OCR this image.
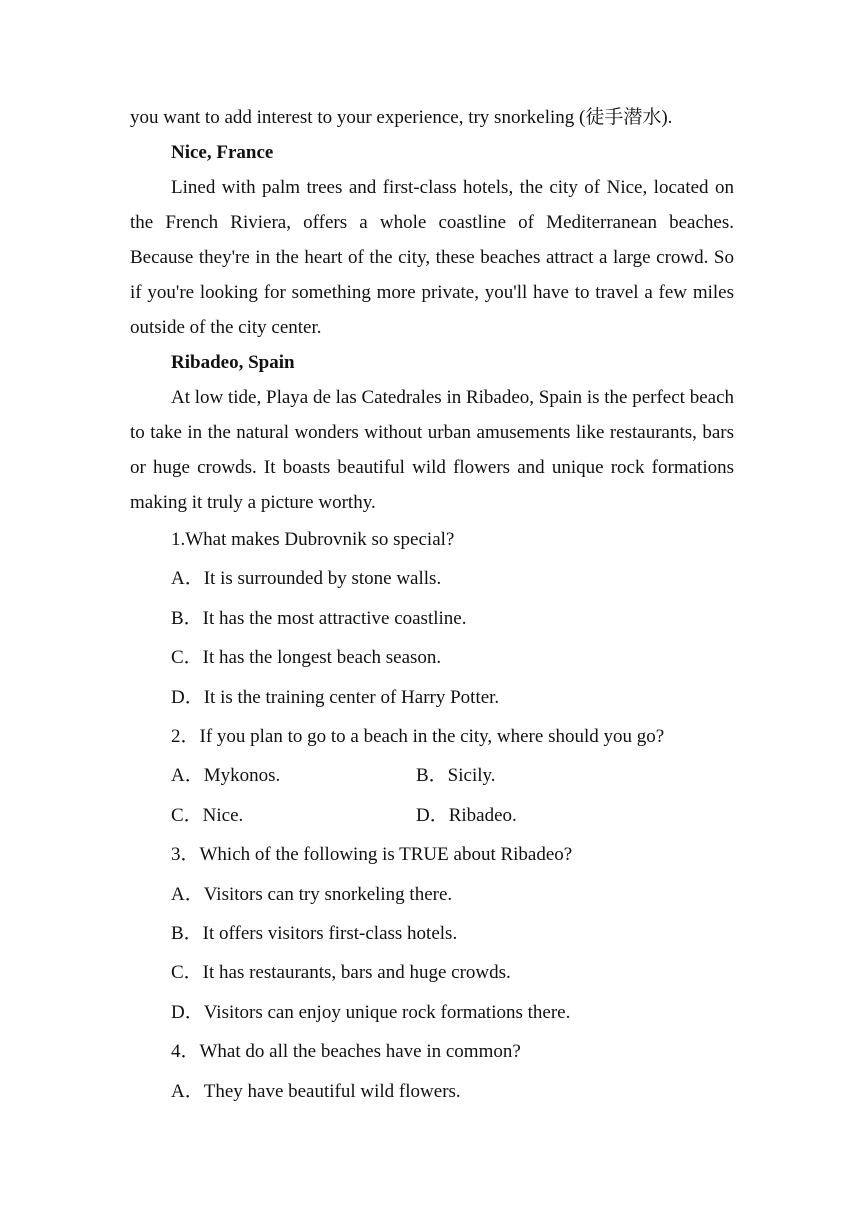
you want to add interest to your experience, try snorkeling (徒手潜水).
Nice, France

Lined with palm trees and first-class hotels, the city of Nice, located on the French Riviera, offers a whole coastline of Mediterranean beaches. Because they're in the heart of the city, these beaches attract a large crowd. So if you're looking for something more private, you'll have to travel a few miles outside of the city center.

Ribadeo, Spain

At low tide, Playa de las Catedrales in Ribadeo, Spain is the perfect beach to take in the natural wonders without urban amusements like restaurants, bars or huge crowds. It boasts beautiful wild flowers and unique rock formations making it truly a picture worthy.

1.What makes Dubrovnik so special?
A．It is surrounded by stone walls.
B．It has the most attractive coastline.
C．It has the longest beach season.
D．It is the training center of Harry Potter.
2．If you plan to go to a beach in the city, where should you go?
A．Mykonos.	B．Sicily.
C．Nice.	D．Ribadeo.
3．Which of the following is TRUE about Ribadeo?
A．Visitors can try snorkeling there.
B．It offers visitors first-class hotels.
C．It has restaurants, bars and huge crowds.
D．Visitors can enjoy unique rock formations there.
4．What do all the beaches have in common?
A．They have beautiful wild flowers.
